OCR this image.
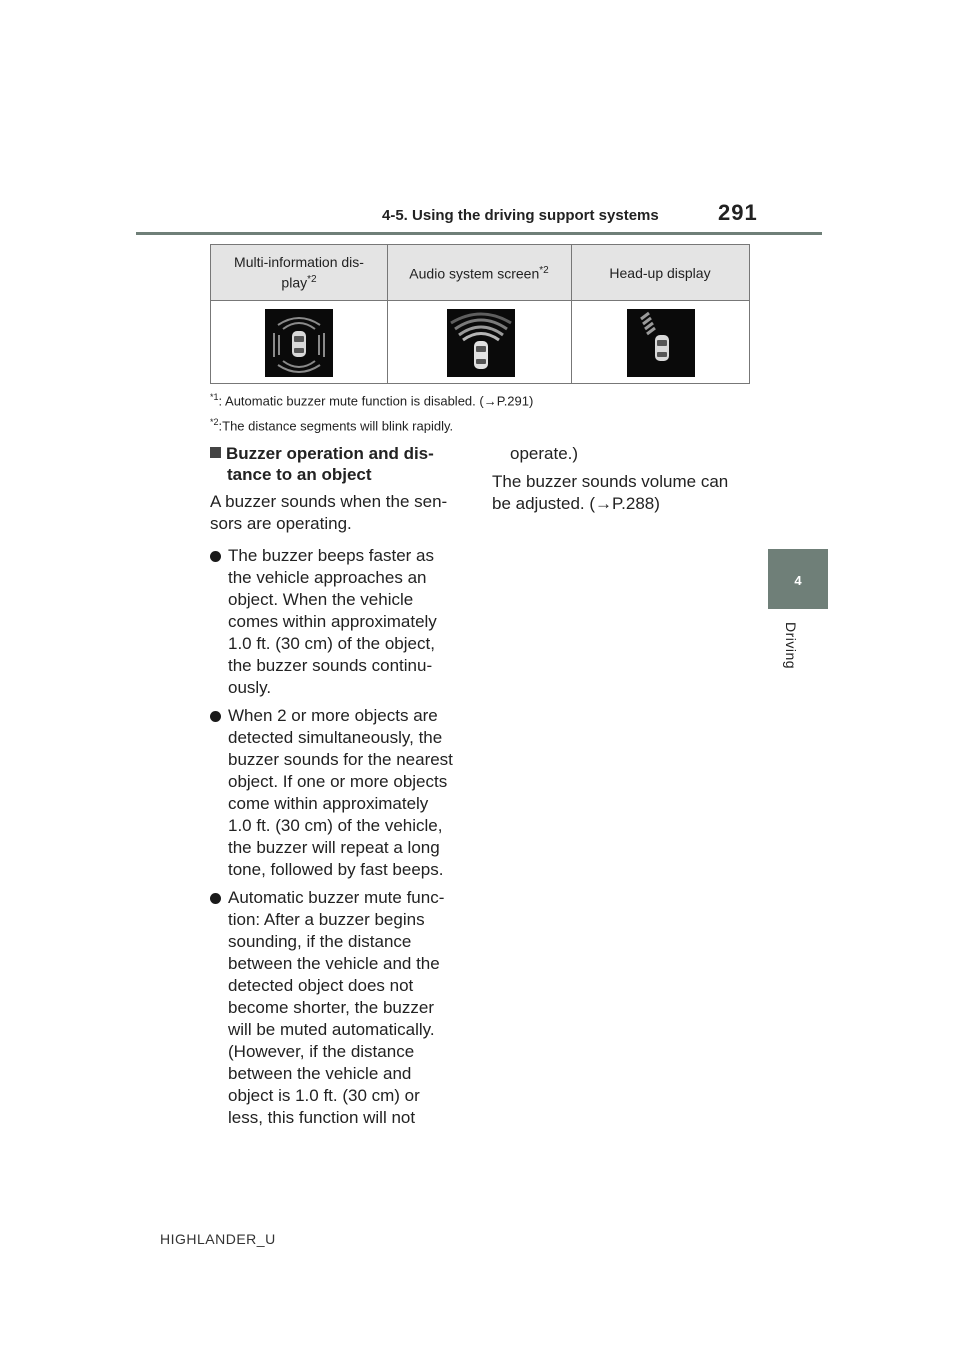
4-5. Using the driving support systems	291
4
Driving
Multi-information dis-
play$^{*2}$	Audio system screen$^{*2}$	Head-up display
$^{*1}$: Automatic buzzer mute function is disabled. (→P.291)
$^{*2}$:The distance segments will blink rapidly.
Buzzer operation and dis-
tance to an object
A buzzer sounds when the sen-
sors are operating.
The buzzer beeps faster as
the vehicle approaches an
object. When the vehicle
comes within approximately
1.0 ft. (30 cm) of the object,
the buzzer sounds continu-
ously.
When 2 or more objects are
detected simultaneously, the
buzzer sounds for the nearest
object. If one or more objects
come within approximately
1.0 ft. (30 cm) of the vehicle,
the buzzer will repeat a long
tone, followed by fast beeps.
Automatic buzzer mute func-
tion: After a buzzer begins
sounding, if the distance
between the vehicle and the
detected object does not
become shorter, the buzzer
will be muted automatically.
(However, if the distance
between the vehicle and
object is 1.0 ft. (30 cm) or
less, this function will not
operate.)
The buzzer sounds volume can
be adjusted. (→P.288)
HIGHLANDER_U
